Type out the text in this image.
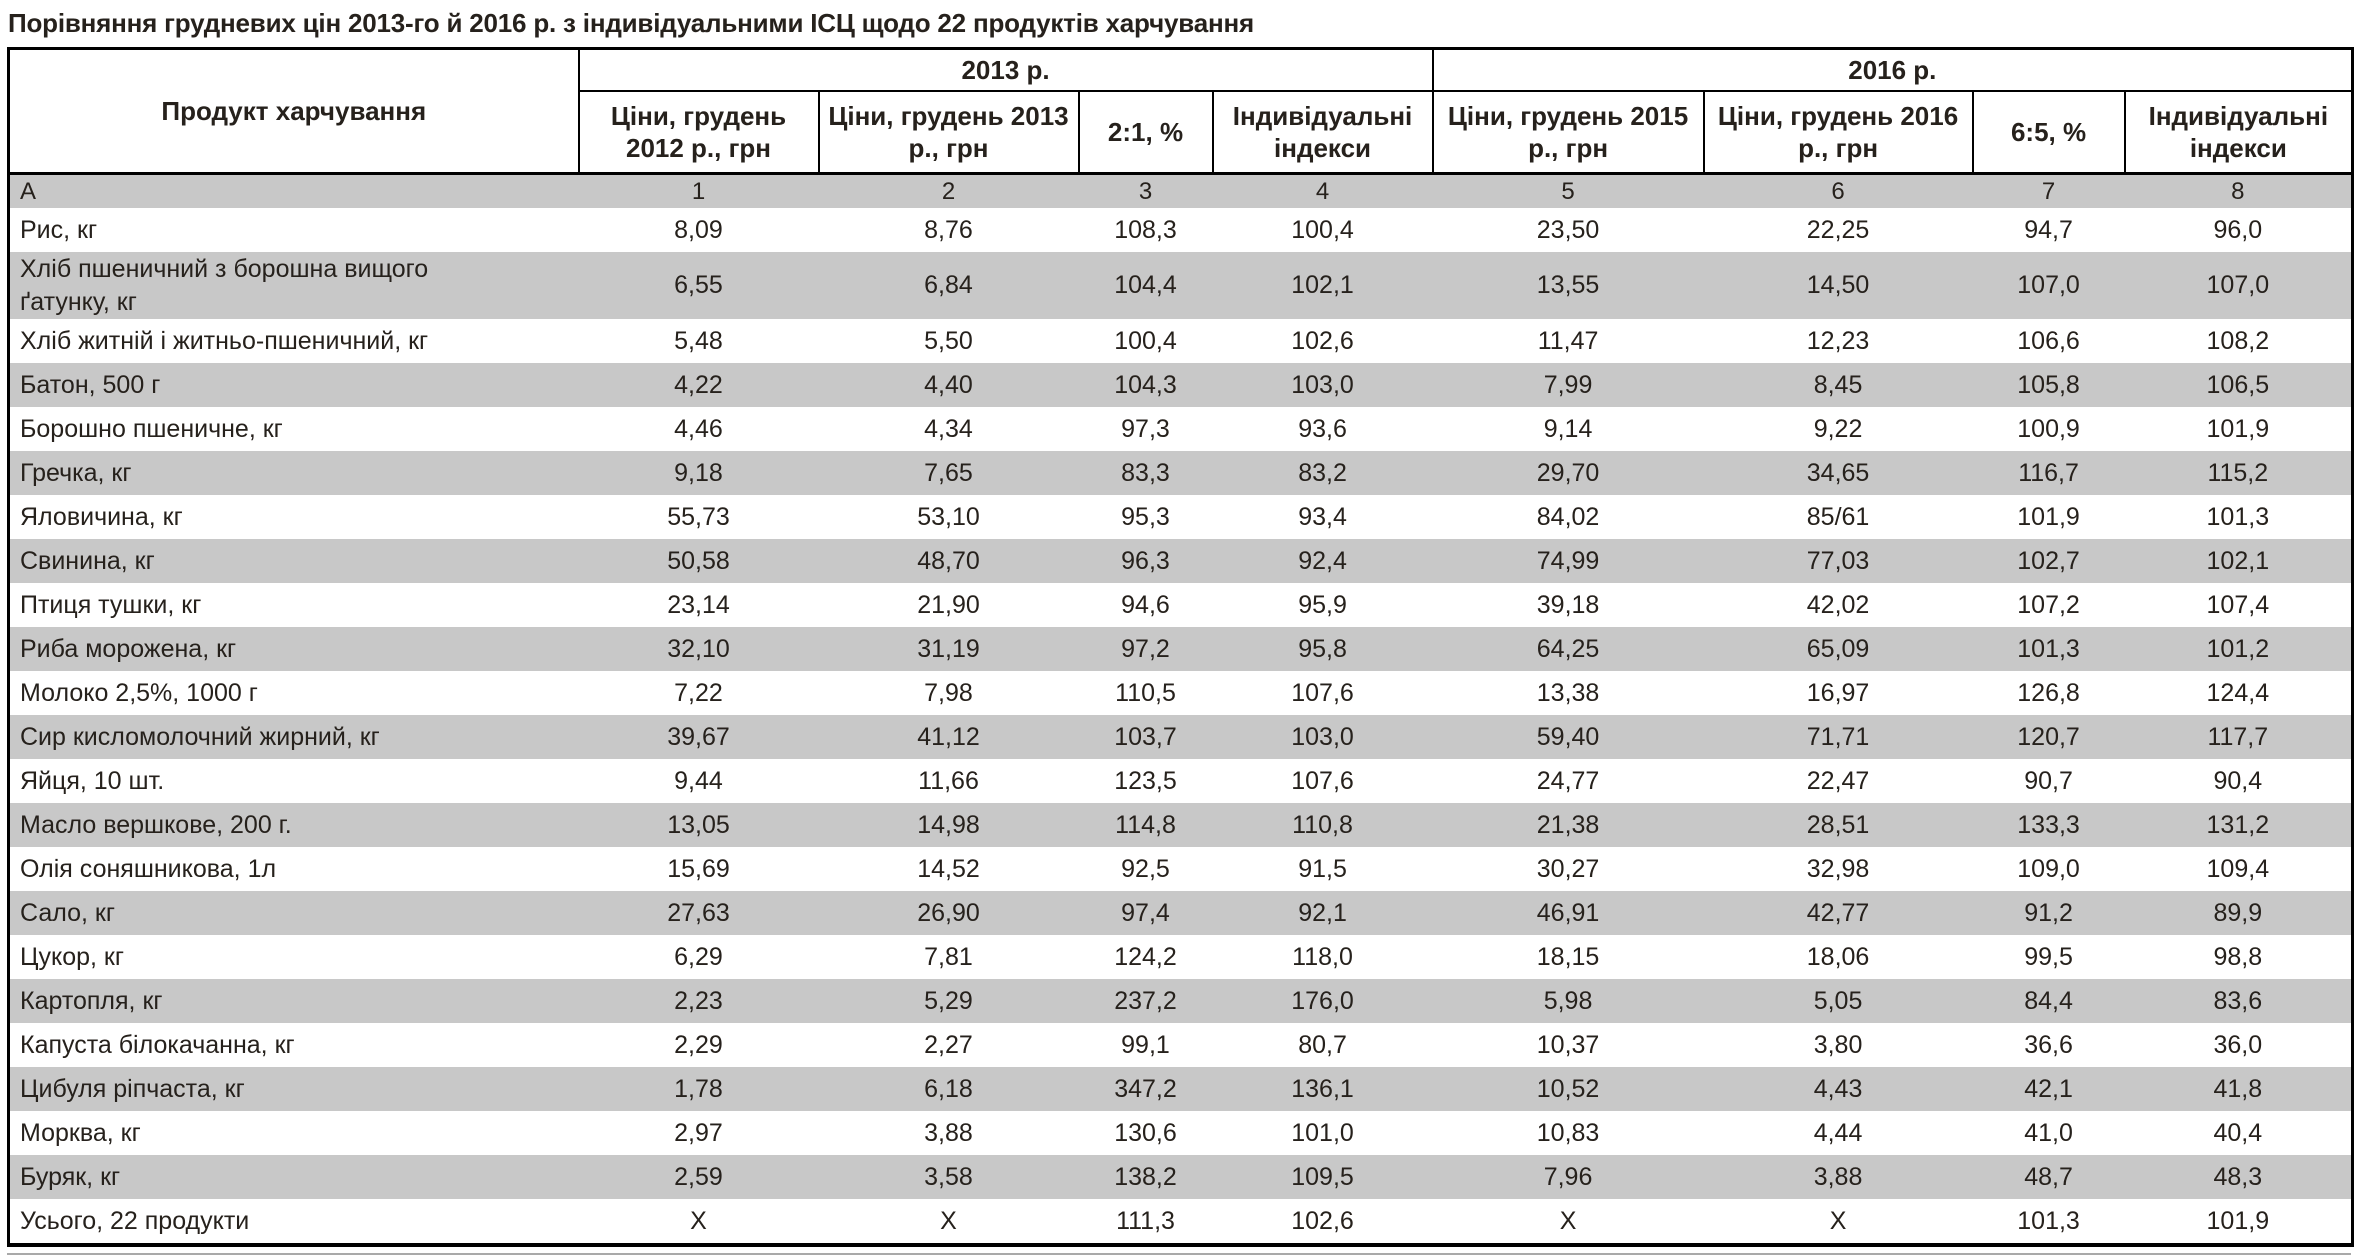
Порівняння грудневих цін 2013-го й 2016 р. з індивідуальними ІСЦ щодо 22 продуктів харчування
Продукт харчування	2013 р.				2016 р.			
	Ціни, грудень 2012 р., грн	Ціни, грудень 2013 р., грн	2:1, %	Індивідуальні індекси	Ціни, грудень 2015 р., грн	Ціни, грудень 2016 р., грн	6:5, %	Індивідуальні індекси
А	1	2	3	4	5	6	7	8
Рис, кг	8,09	8,76	108,3	100,4	23,50	22,25	94,7	96,0
Хліб пшеничний з борошна вищого ґатунку, кг	6,55	6,84	104,4	102,1	13,55	14,50	107,0	107,0
Хліб житній і житньо-пшеничний, кг	5,48	5,50	100,4	102,6	11,47	12,23	106,6	108,2
Батон, 500 г	4,22	4,40	104,3	103,0	7,99	8,45	105,8	106,5
Борошно пшеничне, кг	4,46	4,34	97,3	93,6	9,14	9,22	100,9	101,9
Гречка, кг	9,18	7,65	83,3	83,2	29,70	34,65	116,7	115,2
Яловичина, кг	55,73	53,10	95,3	93,4	84,02	85/61	101,9	101,3
Свинина, кг	50,58	48,70	96,3	92,4	74,99	77,03	102,7	102,1
Птиця тушки, кг	23,14	21,90	94,6	95,9	39,18	42,02	107,2	107,4
Риба морожена, кг	32,10	31,19	97,2	95,8	64,25	65,09	101,3	101,2
Молоко 2,5%, 1000 г	7,22	7,98	110,5	107,6	13,38	16,97	126,8	124,4
Сир кисломолочний жирний, кг	39,67	41,12	103,7	103,0	59,40	71,71	120,7	117,7
Яйця, 10 шт.	9,44	11,66	123,5	107,6	24,77	22,47	90,7	90,4
Масло вершкове, 200 г.	13,05	14,98	114,8	110,8	21,38	28,51	133,3	131,2
Олія соняшникова, 1л	15,69	14,52	92,5	91,5	30,27	32,98	109,0	109,4
Сало, кг	27,63	26,90	97,4	92,1	46,91	42,77	91,2	89,9
Цукор, кг	6,29	7,81	124,2	118,0	18,15	18,06	99,5	98,8
Картопля, кг	2,23	5,29	237,2	176,0	5,98	5,05	84,4	83,6
Капуста білокачанна, кг	2,29	2,27	99,1	80,7	10,37	3,80	36,6	36,0
Цибуля ріпчаста, кг	1,78	6,18	347,2	136,1	10,52	4,43	42,1	41,8
Морква, кг	2,97	3,88	130,6	101,0	10,83	4,44	41,0	40,4
Буряк, кг	2,59	3,58	138,2	109,5	7,96	3,88	48,7	48,3
Усього, 22 продукти	Х	Х	111,3	102,6	Х	Х	101,3	101,9
